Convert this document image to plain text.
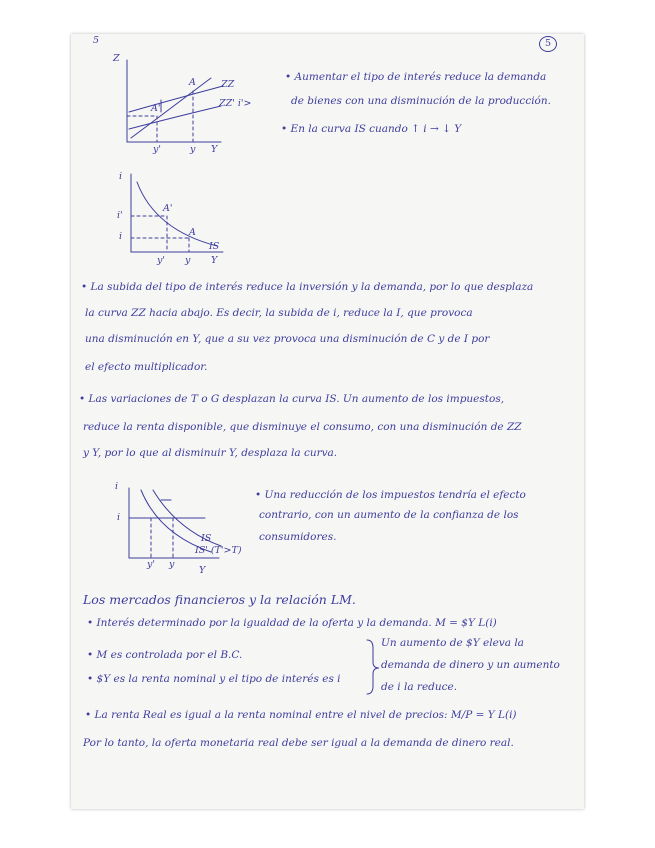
5	5
Z
ZZ
ZZ' i'>
A
A'
y'	y Y
• Aumentar el tipo de interés reduce la demanda
de bienes con una disminución de la producción.
• En la curva IS cuando ↑ i → ↓ Y
i
i'
i
A'
A
IS
y' y Y
• La subida del tipo de interés reduce la inversión y la demanda, por lo que desplaza
la curva ZZ hacia abajo. Es decir, la subida de i, reduce la I, que provoca
una disminución en Y, que a su vez provoca una disminución de C y de I por
el efecto multiplicador.
• Las variaciones de T o G desplazan la curva IS. Un aumento de los impuestos,
reduce la renta disponible, que disminuye el consumo, con una disminución de ZZ
y Y, por lo que al disminuir Y, desplaza la curva.
i
i
IS
IS' (T'>T)
y' y
Y
• Una reducción de los impuestos tendría el efecto
contrario, con un aumento de la confianza de los
consumidores.
Los mercados financieros y la relación LM.
• Interés determinado por la igualdad de la oferta y la demanda. M = $Y L(i)
• M es controlada por el B.C.
• $Y es la renta nominal y el tipo de interés es i
Un aumento de $Y eleva la
demanda de dinero y un aumento
de i la reduce.
• La renta Real es igual a la renta nominal entre el nivel de precios: M/P = Y L(i)
Por lo tanto, la oferta monetaria real debe ser igual a la demanda de dinero real.
